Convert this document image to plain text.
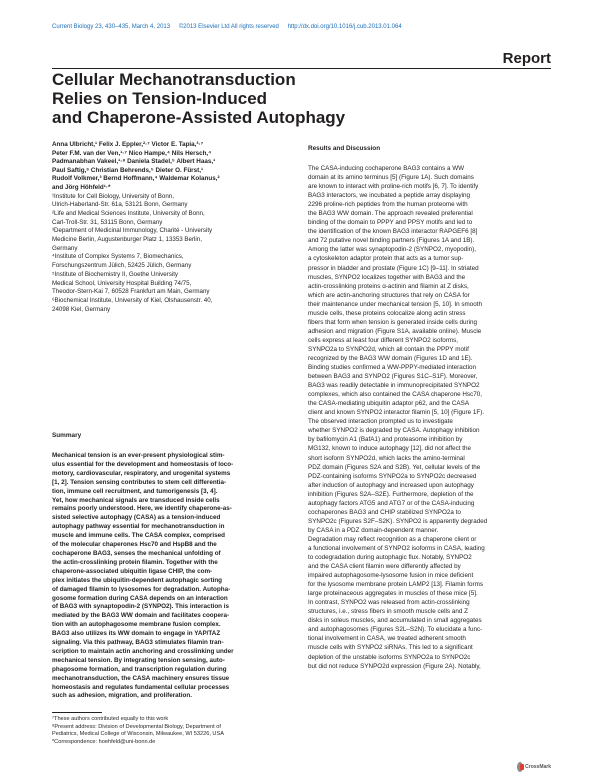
Current Biology 23, 430–435, March 4, 2013 ©2013 Elsevier Ltd All rights reserved http://dx.doi.org/10.1016/j.cub.2013.01.064
Report
Cellular Mechanotransduction
Relies on Tension-Induced
and Chaperone-Assisted Autophagy
Anna Ulbricht,¹ Felix J. Eppler,²·⁷ Victor E. Tapia,³·⁷
Peter F.M. van der Ven,¹·⁷ Nico Hampe,⁴ Nils Hersch,⁴
Padmanabhan Vakeel,¹·⁸ Daniela Stadel,⁵ Albert Haas,¹
Paul Saftig,⁶ Christian Behrends,⁵ Dieter O. Fürst,¹
Rudolf Volkmer,³ Bernd Hoffmann,⁴ Waldemar Kolanus,²
and Jörg Höhfeld¹·*
¹Institute for Cell Biology, University of Bonn,
Ulrich-Haberland-Str. 61a, 53121 Bonn, Germany
²Life and Medical Sciences Institute, University of Bonn,
Carl-Troll-Str. 31, 53115 Bonn, Germany
³Department of Medicinal Immunology, Charité - University
Medicine Berlin, Augustenburger Platz 1, 13353 Berlin,
Germany
⁴Institute of Complex Systems 7, Biomechanics,
Forschungszentrum Jülich, 52425 Jülich, Germany
⁵Institute of Biochemistry II, Goethe University
Medical School, University Hospital Building 74/75,
Theodor-Stern-Kai 7, 60528 Frankfurt am Main, Germany
⁶Biochemical Institute, University of Kiel, Olshausenstr. 40,
24098 Kiel, Germany
Summary
Mechanical tension is an ever-present physiological stim-
ulus essential for the development and homeostasis of loco-
motory, cardiovascular, respiratory, and urogenital systems
[1, 2]. Tension sensing contributes to stem cell differentia-
tion, immune cell recruitment, and tumorigenesis [3, 4].
Yet, how mechanical signals are transduced inside cells
remains poorly understood. Here, we identify chaperone-as-
sisted selective autophagy (CASA) as a tension-induced
autophagy pathway essential for mechanotransduction in
muscle and immune cells. The CASA complex, comprised
of the molecular chaperones Hsc70 and HspB8 and the
cochaperone BAG3, senses the mechanical unfolding of
the actin-crosslinking protein filamin. Together with the
chaperone-associated ubiquitin ligase CHIP, the com-
plex initiates the ubiquitin-dependent autophagic sorting
of damaged filamin to lysosomes for degradation. Autopha-
gosome formation during CASA depends on an interaction
of BAG3 with synaptopodin-2 (SYNPO2). This interaction is
mediated by the BAG3 WW domain and facilitates coopera-
tion with an autophagosome membrane fusion complex.
BAG3 also utilizes its WW domain to engage in YAP/TAZ
signaling. Via this pathway, BAG3 stimulates filamin tran-
scription to maintain actin anchoring and crosslinking under
mechanical tension. By integrating tension sensing, auto-
phagosome formation, and transcription regulation during
mechanotransduction, the CASA machinery ensures tissue
homeostasis and regulates fundamental cellular processes
such as adhesion, migration, and proliferation.
⁷These authors contributed equally to this work
⁸Present address: Division of Developmental Biology, Department of
Pediatrics, Medical College of Wisconsin, Milwaukee, WI 53226, USA
*Correspondence: hoehfeld@uni-bonn.de
Results and Discussion
The CASA-inducing cochaperone BAG3 contains a WW
domain at its amino terminus [5] (Figure 1A). Such domains
are known to interact with proline-rich motifs [6, 7]. To identify
BAG3 interactors, we incubated a peptide array displaying
2296 proline-rich peptides from the human proteome with
the BAG3 WW domain. The approach revealed preferential
binding of the domain to PPPY and PPSY motifs and led to
the identification of the known BAG3 interactor RAPGEF6 [8]
and 72 putative novel binding partners (Figures 1A and 1B).
Among the latter was synaptopodin-2 (SYNPO2, myopodin),
a cytoskeleton adaptor protein that acts as a tumor sup-
pressor in bladder and prostate (Figure 1C) [9–11]. In striated
muscles, SYNPO2 localizes together with BAG3 and the
actin-crosslinking proteins α-actinin and filamin at Z disks,
which are actin-anchoring structures that rely on CASA for
their maintenance under mechanical tension [5, 10]. In smooth
muscle cells, these proteins colocalize along actin stress
fibers that form when tension is generated inside cells during
adhesion and migration (Figure S1A, available online). Muscle
cells express at least four different SYNPO2 isoforms,
SYNPO2a to SYNPO2d, which all contain the PPPY motif
recognized by the BAG3 WW domain (Figures 1D and 1E).
Binding studies confirmed a WW-PPPY-mediated interaction
between BAG3 and SYNPO2 (Figures S1C–S1F). Moreover,
BAG3 was readily detectable in immunoprecipitated SYNPO2
complexes, which also contained the CASA chaperone Hsc70,
the CASA-mediating ubiquitin adaptor p62, and the CASA
client and known SYNPO2 interactor filamin [5, 10] (Figure 1F).
The observed interaction prompted us to investigate
whether SYNPO2 is degraded by CASA. Autophagy inhibition
by bafilomycin A1 (BafA1) and proteasome inhibition by
MG132, known to induce autophagy [12], did not affect the
short isoform SYNPO2d, which lacks the amino-terminal
PDZ domain (Figures S2A and S2B). Yet, cellular levels of the
PDZ-containing isoforms SYNPO2a to SYNPO2c decreased
after induction of autophagy and increased upon autophagy
inhibition (Figures S2A–S2E). Furthermore, depletion of the
autophagy factors ATG5 and ATG7 or of the CASA-inducing
cochaperones BAG3 and CHIP stabilized SYNPO2a to
SYNPO2c (Figures S2F–S2K). SYNPO2 is apparently degraded
by CASA in a PDZ domain-dependent manner.
Degradation may reflect recognition as a chaperone client or
a functional involvement of SYNPO2 isoforms in CASA, leading
to codegradation during autophagic flux. Notably, SYNPO2
and the CASA client filamin were differently affected by
impaired autophagosome-lysosome fusion in mice deficient
for the lysosome membrane protein LAMP2 [13]. Filamin forms
large proteinaceous aggregates in muscles of these mice [5].
In contrast, SYNPO2 was released from actin-crosslinking
structures, i.e., stress fibers in smooth muscle cells and Z
disks in soleus muscles, and accumulated in small aggregates
and autophagosomes (Figures S2L–S2N). To elucidate a func-
tional involvement in CASA, we treated adherent smooth
muscle cells with SYNPO2 siRNAs. This led to a significant
depletion of the unstable isoforms SYNPO2a to SYNPO2c
but did not reduce SYNPO2d expression (Figure 2A). Notably,
CrossMark
